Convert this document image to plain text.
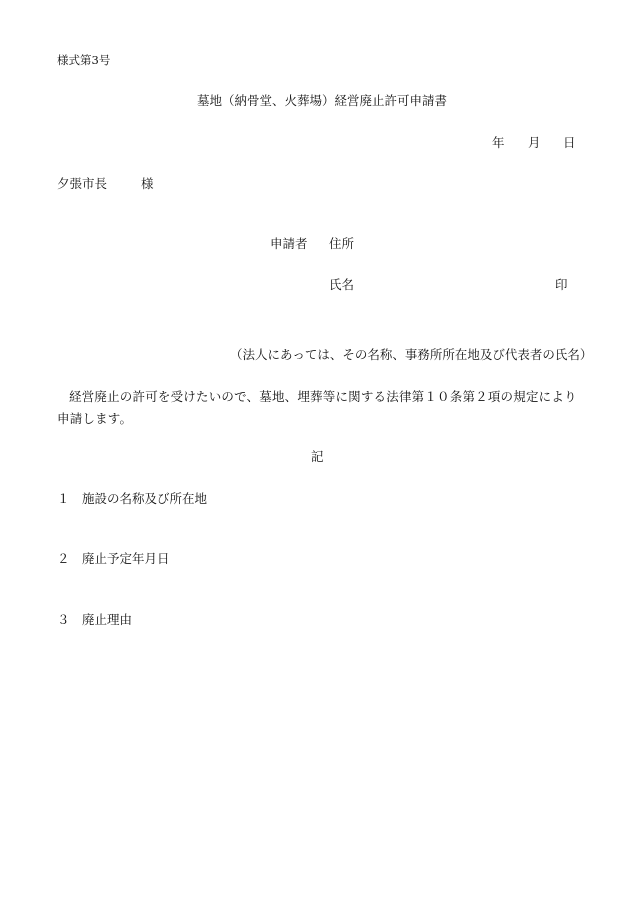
様式第3号
墓地（納骨堂、火葬場）経営廃止許可申請書
年 月 日
夕張市長	様
申請者 住所
氏名	印
（法人にあっては、その名称、事務所所在地及び代表者の氏名）
経営廃止の許可を受けたいので、墓地、埋葬等に関する法律第１０条第２項の規定により申請します。
記
１ 施設の名称及び所在地
２ 廃止予定年月日
３ 廃止理由
